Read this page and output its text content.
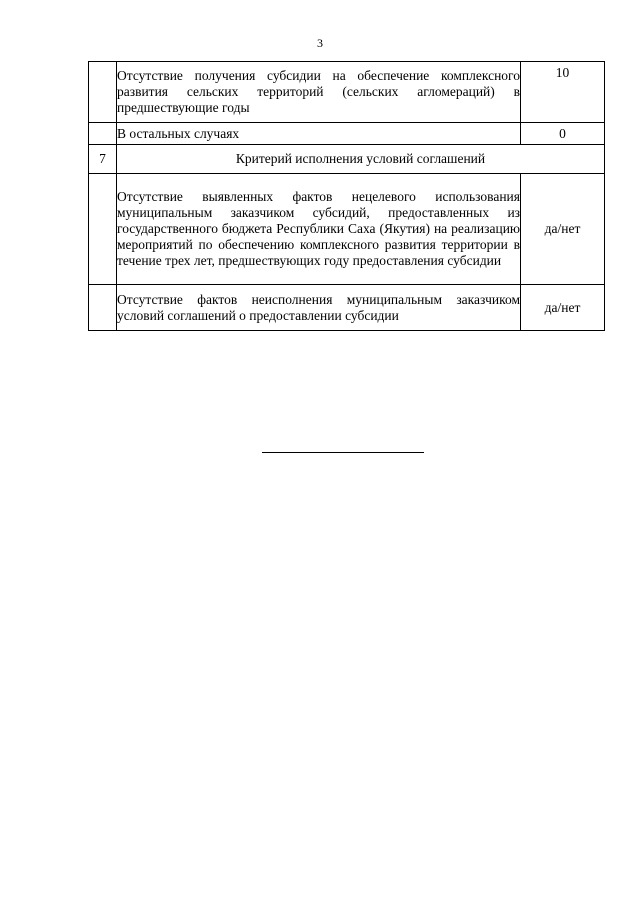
3
	Отсутствие получения субсидии на обеспечение комплексного развития сельских территорий (сельских агломераций) в предшествующие годы	10
	В остальных случаях	0
7	Критерий исполнения условий соглашений	
	Отсутствие выявленных фактов нецелевого использования муниципальным заказчиком субсидий, предоставленных из государственного бюджета Республики Саха (Якутия) на реализацию мероприятий по обеспечению комплексного развития территории в течение трех лет, предшествующих году предоставления субсидии	да/нет
	Отсутствие фактов неисполнения муниципальным заказчиком условий соглашений о предоставлении субсидии	да/нет
